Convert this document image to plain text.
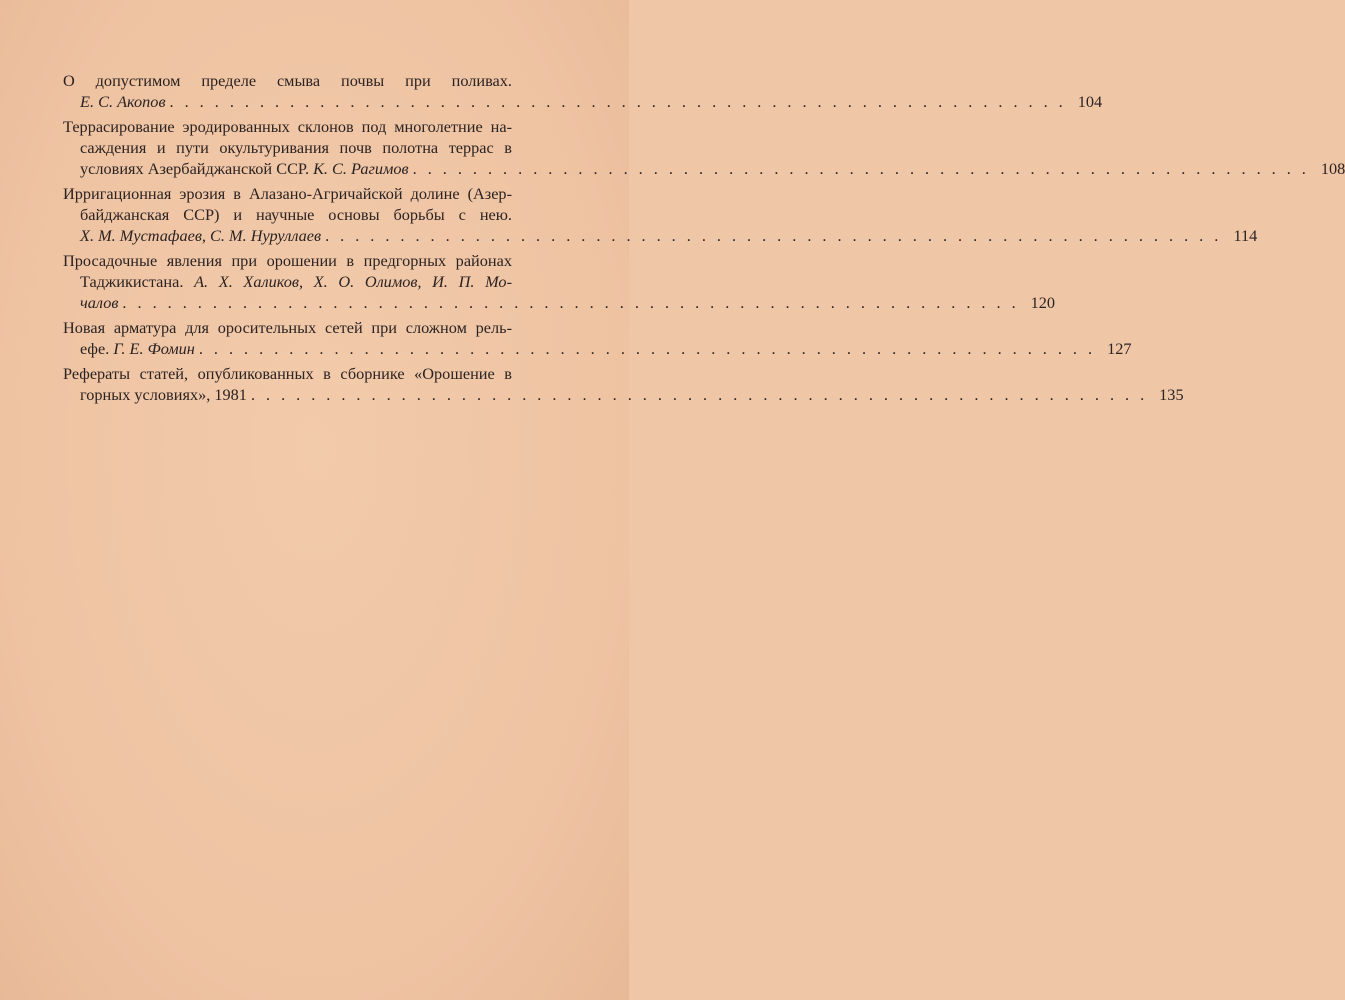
О допустимом пределе смыва почвы при поливах.
Е. С. Акопов ............................................................ 104
Террасирование эродированных склонов под многолетние на-
саждения и пути окультуривания почв полотна террас в
условиях Азербайджанской ССР. К. С. Рагимов ............................................................ 108
Ирригационная эрозия в Алазано-Агричайской долине (Азер-
байджанская ССР) и научные основы борьбы с нею.
Х. М. Мустафаев, С. М. Нуруллаев ............................................................ 114
Просадочные явления при орошении в предгорных районах
Таджикистана. А. Х. Халиков, Х. О. Олимов, И. П. Мо-
чалов ............................................................ 120
Новая арматура для оросительных сетей при сложном рель-
ефе. Г. Е. Фомин ............................................................ 127
Рефераты статей, опубликованных в сборнике «Орошение в
горных условиях», 1981 ............................................................ 135
